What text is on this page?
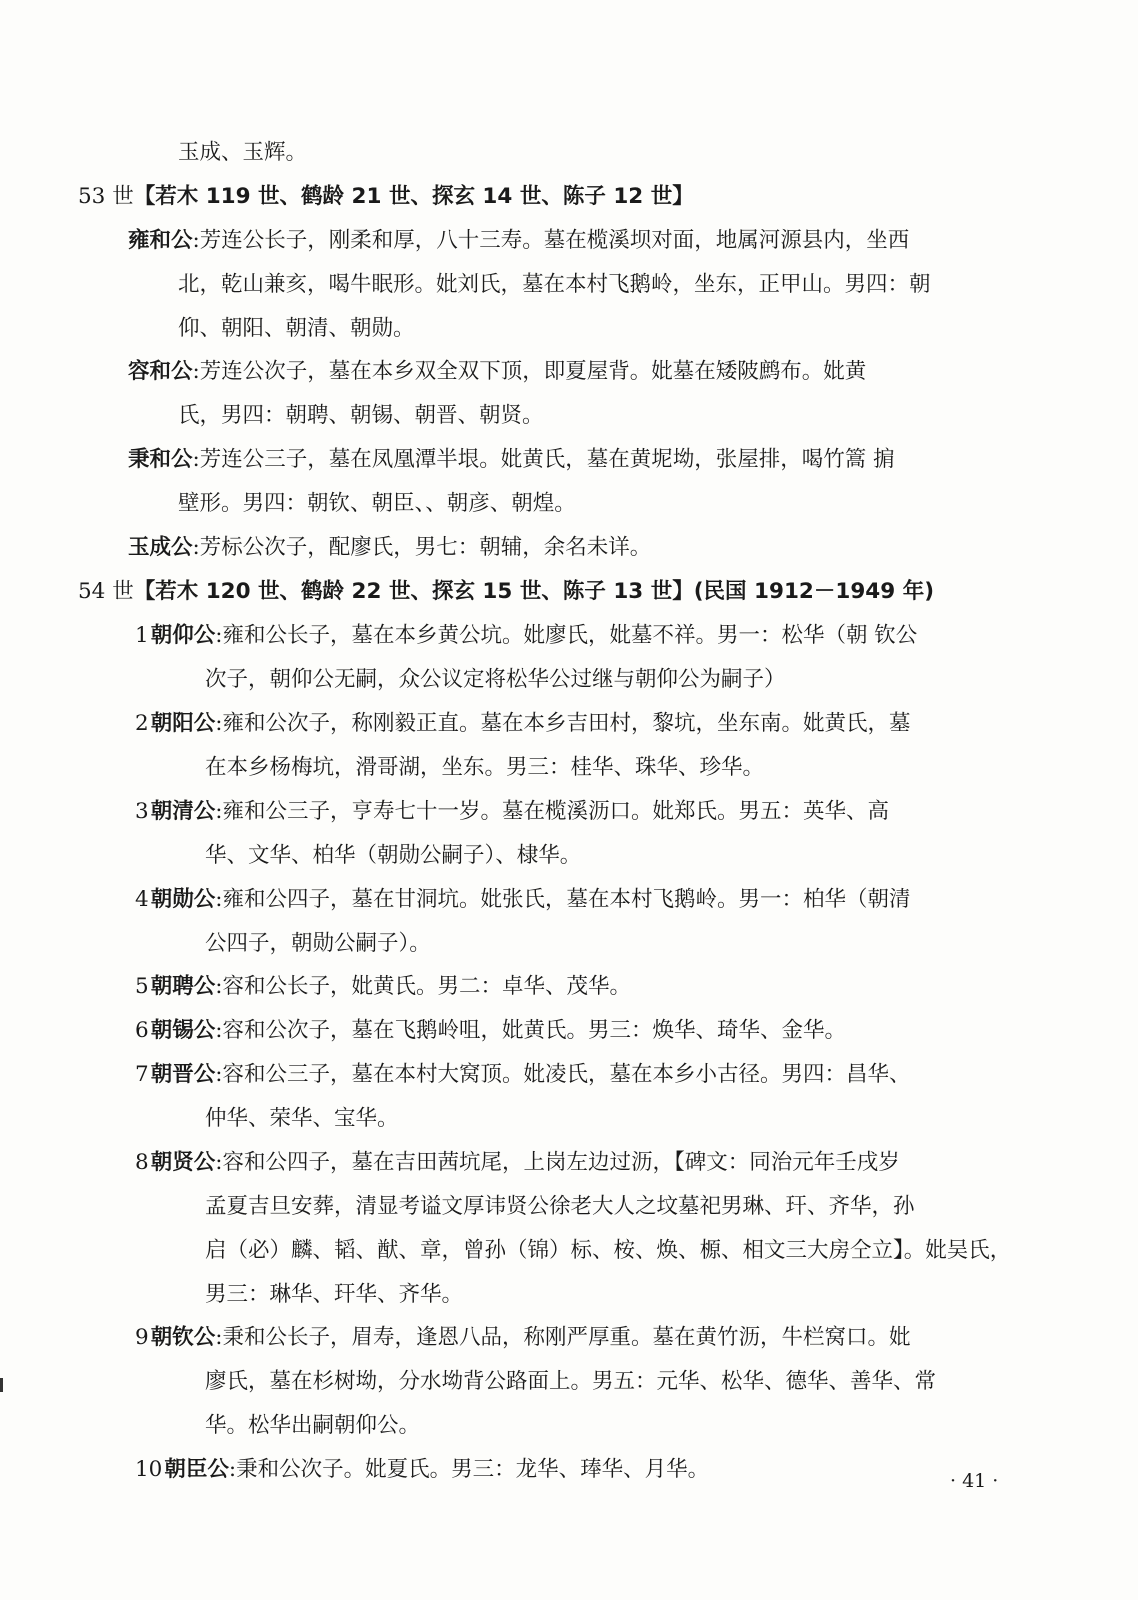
玉成、玉辉。
53 世【若木 119 世、鹤龄 21 世、探玄 14 世、陈子 12 世】
雍和公:芳连公长子，刚柔和厚，八十三寿。墓在榄溪坝对面，地属河源县内，坐西
北，乾山兼亥，喝牛眠形。妣刘氏，墓在本村飞鹅岭，坐东，正甲山。男四：朝
仰、朝阳、朝清、朝勋。
容和公:芳连公次子，墓在本乡双全双下顶，即夏屋背。妣墓在矮陂鹧布。妣黄
氏，男四：朝聘、朝锡、朝晋、朝贤。
秉和公:芳连公三子，墓在凤凰潭半垠。妣黄氏，墓在黄坭坳，张屋排，喝竹篙 掮
壁形。男四：朝钦、朝臣、、朝彦、朝煌。
玉成公:芳标公次子，配廖氏，男七：朝辅，余名未详。
54 世【若木 120 世、鹤龄 22 世、探玄 15 世、陈子 13 世】(民国 1912－1949 年)
1朝仰公:雍和公长子，墓在本乡黄公坑。妣廖氏，妣墓不祥。男一：松华（朝 钦公
次子，朝仰公无嗣，众公议定将松华公过继与朝仰公为嗣子）
2朝阳公:雍和公次子，称刚毅正直。墓在本乡吉田村，黎坑，坐东南。妣黄氏，墓
在本乡杨梅坑，滑哥湖，坐东。男三：桂华、珠华、珍华。
3朝清公:雍和公三子，亨寿七十一岁。墓在榄溪沥口。妣郑氏。男五：英华、高
华、文华、柏华（朝勋公嗣子）、棣华。
4朝勋公:雍和公四子，墓在甘洞坑。妣张氏，墓在本村飞鹅岭。男一：柏华（朝清
公四子，朝勋公嗣子）。
5朝聘公:容和公长子，妣黄氏。男二：卓华、茂华。
6朝锡公:容和公次子，墓在飞鹅岭咀，妣黄氏。男三：焕华、琦华、金华。
7朝晋公:容和公三子，墓在本村大窝顶。妣凌氏，墓在本乡小古径。男四：昌华、
仲华、荣华、宝华。
8朝贤公:容和公四子，墓在吉田茜坑尾，上岗左边过沥，【碑文：同治元年壬戌岁
孟夏吉旦安葬，清显考谥文厚讳贤公徐老大人之坟墓祀男琳、玕、齐华，孙
启（必）麟、韬、猷、章，曾孙（锦）标、桉、焕、榞、相文三大房仝立】。妣吴氏，
男三：琳华、玕华、齐华。
9朝钦公:秉和公长子，眉寿，逢恩八品，称刚严厚重。墓在黄竹沥，牛栏窝口。妣
廖氏，墓在杉树坳，分水坳背公路面上。男五：元华、松华、德华、善华、常
华。松华出嗣朝仰公。
10朝臣公:秉和公次子。妣夏氏。男三：龙华、琫华、月华。	· 41 ·
